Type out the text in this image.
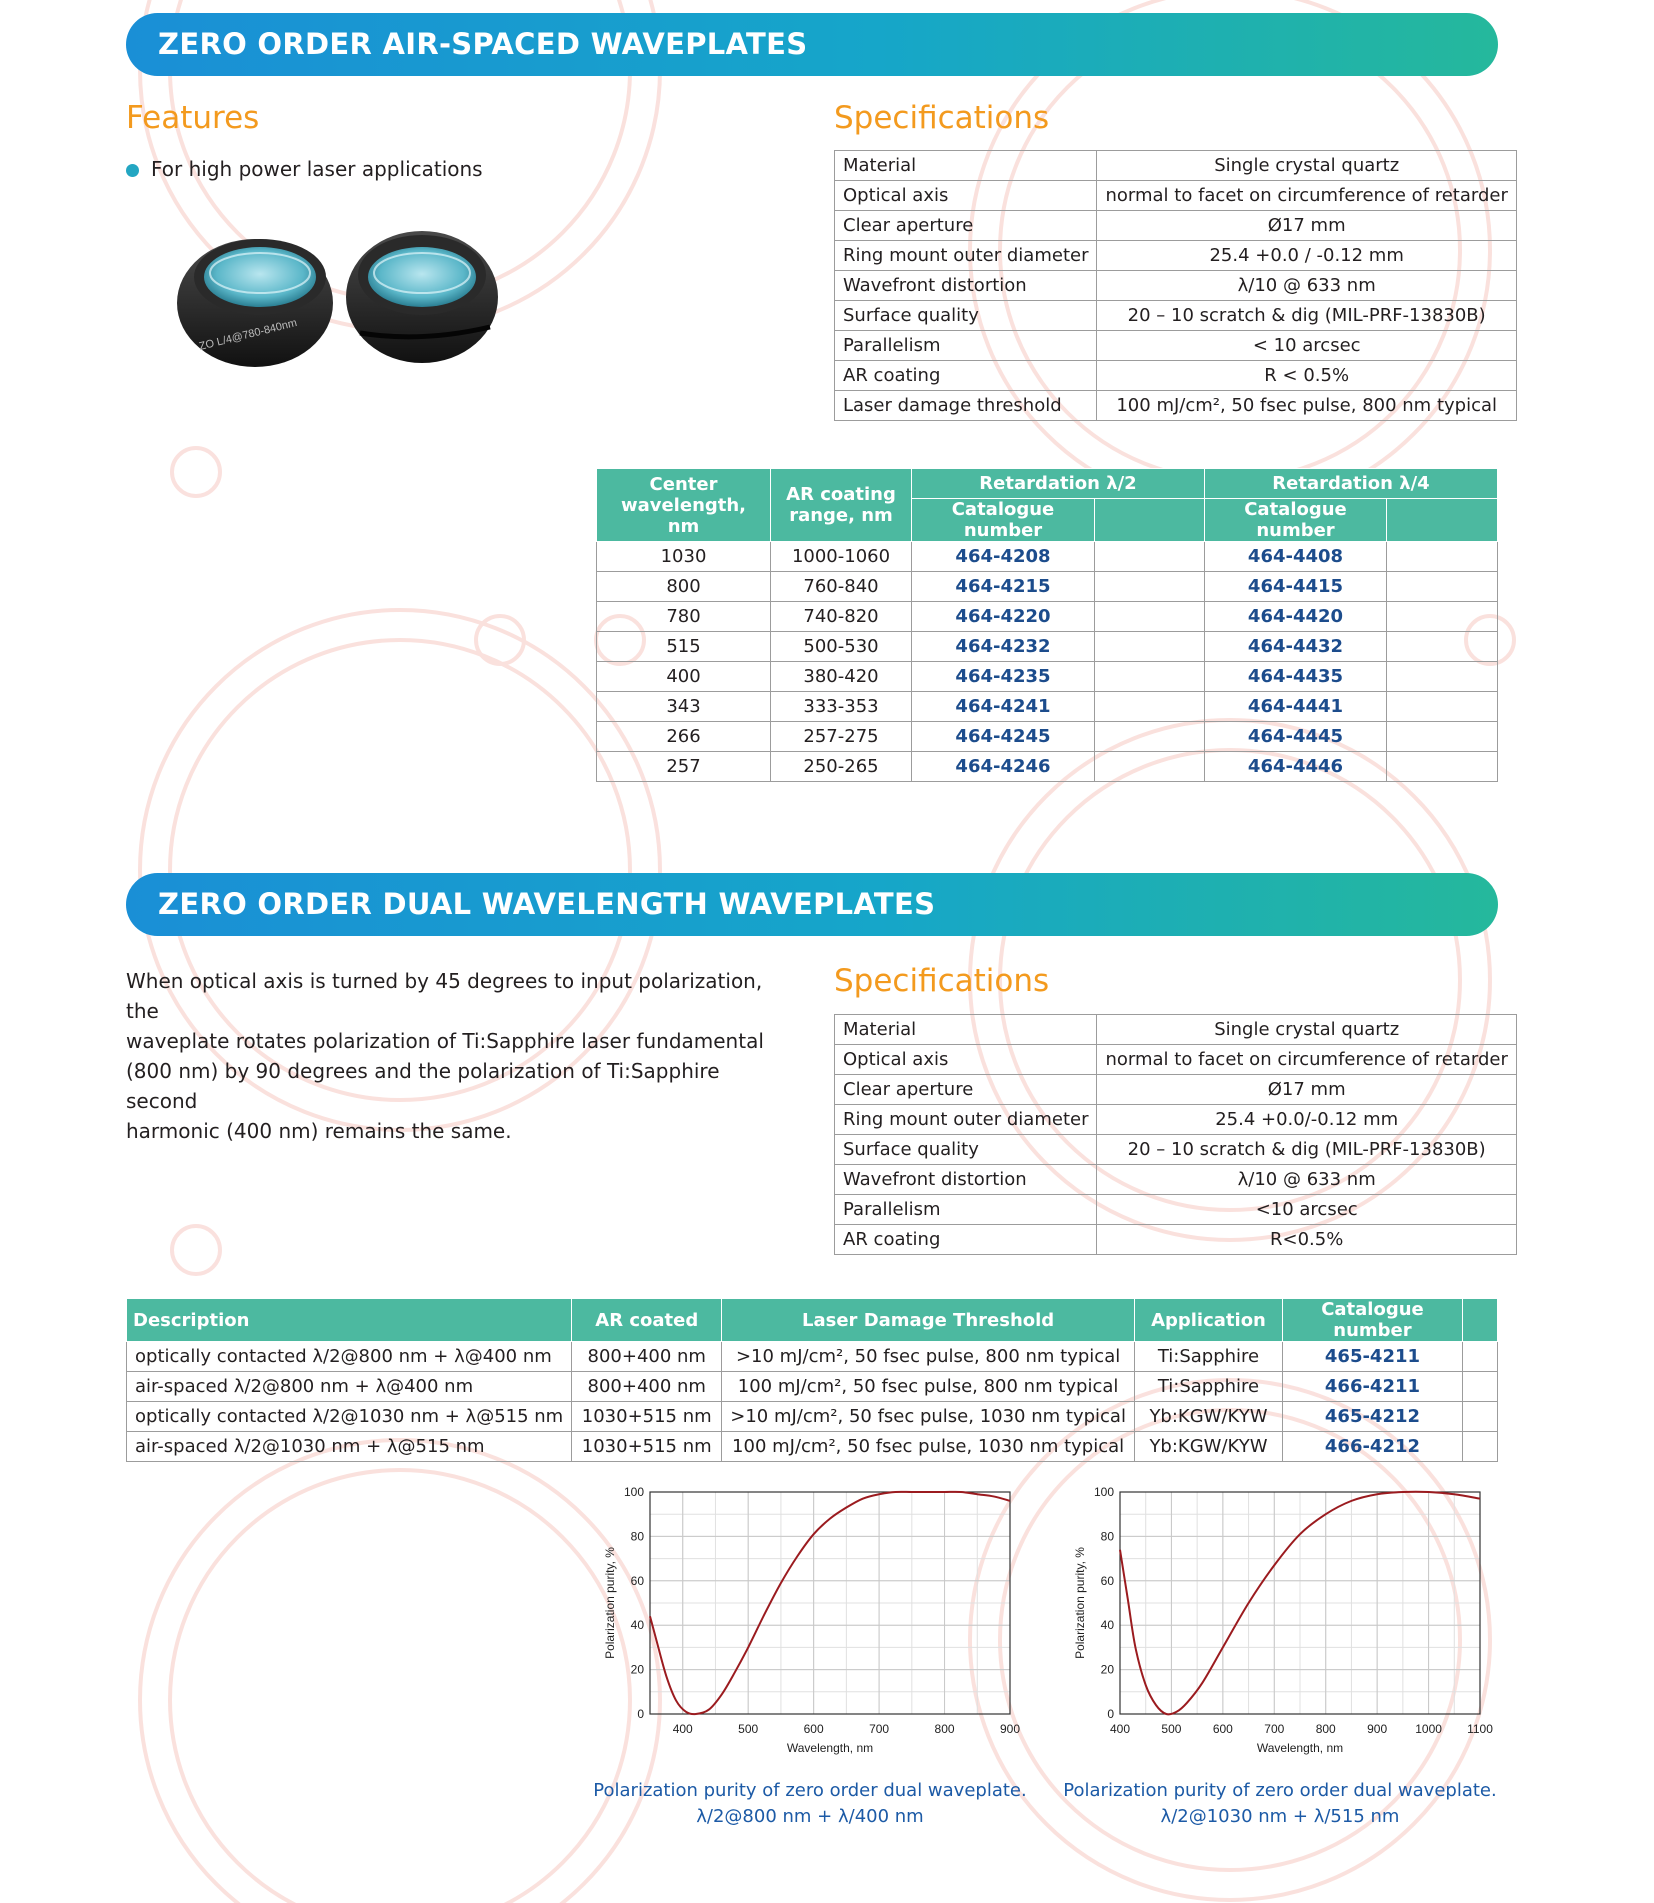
ZERO ORDER AIR-SPACED WAVEPLATES
Features
For high power laser applications
ZO L/4@780-840nm
Specifications
Material	Single crystal quartz
Optical axis	normal to facet on circumference of retarder
Clear aperture	Ø17 mm
Ring mount outer diameter	25.4 +0.0 / -0.12 mm
Wavefront distortion	λ/10 @ 633 nm
Surface quality	20 – 10 scratch & dig (MIL-PRF-13830B)
Parallelism	< 10 arcsec
AR coating	R < 0.5%
Laser damage threshold	100 mJ/cm², 50 fsec pulse, 800 nm typical
Center wavelength, nm	AR coating range, nm	Retardation λ/2		Retardation λ/4	
		Catalogue number		Catalogue number	
1030	1000-1060	464-4208		464-4408	
800	760-840	464-4215		464-4415	
780	740-820	464-4220		464-4420	
515	500-530	464-4232		464-4432	
400	380-420	464-4235		464-4435	
343	333-353	464-4241		464-4441	
266	257-275	464-4245		464-4445	
257	250-265	464-4246		464-4446	
ZERO ORDER DUAL WAVELENGTH WAVEPLATES
When optical axis is turned by 45 degrees to input polarization, the
waveplate rotates polarization of Ti:Sapphire laser fundamental
(800 nm) by 90 degrees and the polarization of Ti:Sapphire second
harmonic (400 nm) remains the same.
Specifications
Material	Single crystal quartz
Optical axis	normal to facet on circumference of retarder
Clear aperture	Ø17 mm
Ring mount outer diameter	25.4 +0.0/-0.12 mm
Surface quality	20 – 10 scratch & dig (MIL-PRF-13830B)
Wavefront distortion	λ/10 @ 633 nm
Parallelism	<10 arcsec
AR coating	R<0.5%
Description	AR coated	Laser Damage Threshold	Application	Catalogue number	
optically contacted λ/2@800 nm + λ@400 nm	800+400 nm	>10 mJ/cm², 50 fsec pulse, 800 nm typical	Ti:Sapphire	465-4211	
air-spaced λ/2@800 nm + λ@400 nm	800+400 nm	100 mJ/cm², 50 fsec pulse, 800 nm typical	Ti:Sapphire	466-4211	
optically contacted λ/2@1030 nm + λ@515 nm	1030+515 nm	>10 mJ/cm², 50 fsec pulse, 1030 nm typical	Yb:KGW/KYW	465-4212	
air-spaced λ/2@1030 nm + λ@515 nm	1030+515 nm	100 mJ/cm², 50 fsec pulse, 1030 nm typical	Yb:KGW/KYW	466-4212	
400	500	600	700	800	900
0
20
40
60
80
100
Wavelength, nm
Polarization purity, %
400	500	600	700	800	900 1000 1100
0
20
40
60
80
100
Wavelength, nm
Polarization purity, %
Polarization purity of zero order dual waveplate.
λ/2@800 nm + λ/400 nm
Polarization purity of zero order dual waveplate.
λ/2@1030 nm + λ/515 nm
